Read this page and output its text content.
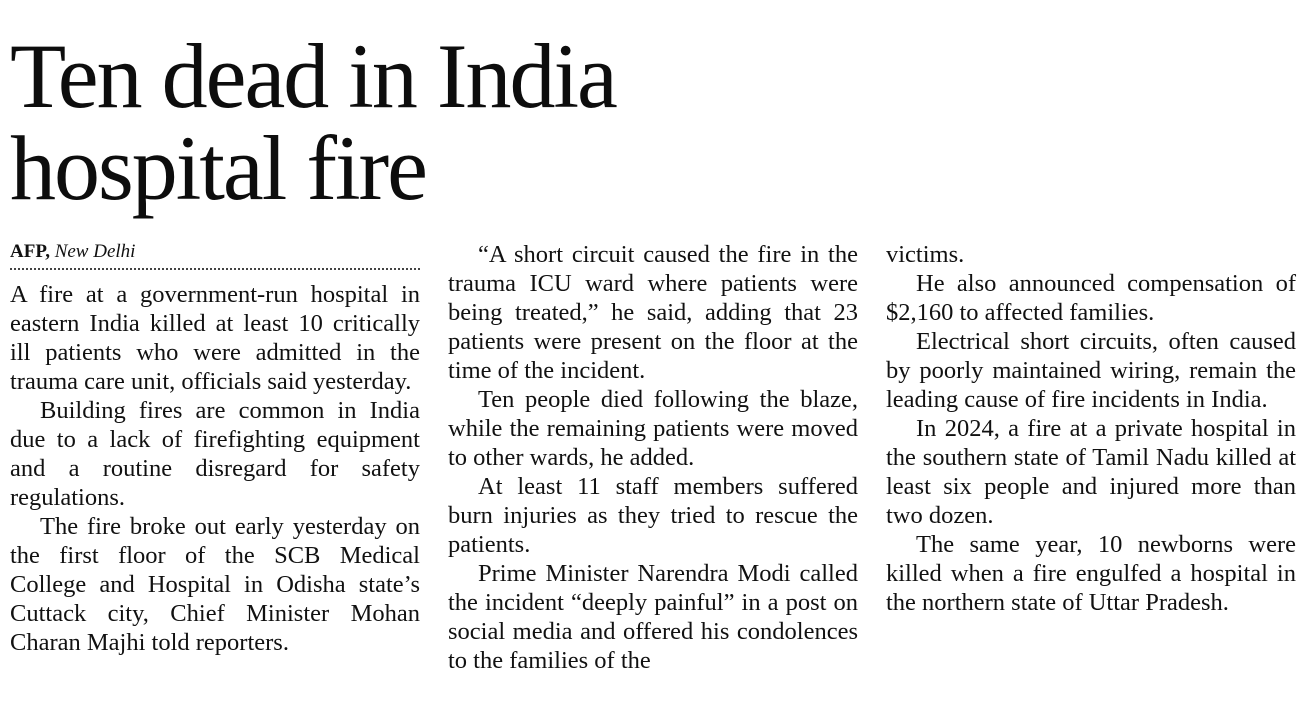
Ten dead in India
hospital fire
AFP, New Delhi

A fire at a government-run hospital in eastern India killed at least 10 critically ill patients who were admitted in the trauma care unit, officials said yesterday.

Building fires are common in India due to a lack of firefighting equipment and a routine disregard for safety regulations.

The fire broke out early yesterday on the first floor of the SCB Medical College and Hospital in Odisha state’s Cuttack city, Chief Minister Mohan Charan Majhi told reporters.

“A short circuit caused the fire in the trauma ICU ward where patients were being treated,” he said, adding that 23 patients were present on the floor at the time of the incident.

Ten people died following the blaze, while the remaining patients were moved to other wards, he added.

At least 11 staff members suffered burn injuries as they tried to rescue the patients.

Prime Minister Narendra Modi called the incident “deeply painful” in a post on social media and offered his condolences to the families of the

victims.

He also announced compensation of $2,160 to affected families.

Electrical short circuits, often caused by poorly maintained wiring, remain the leading cause of fire incidents in India.

In 2024, a fire at a private hospital in the southern state of Tamil Nadu killed at least six people and injured more than two dozen.

The same year, 10 newborns were killed when a fire engulfed a hospital in the northern state of Uttar Pradesh.
